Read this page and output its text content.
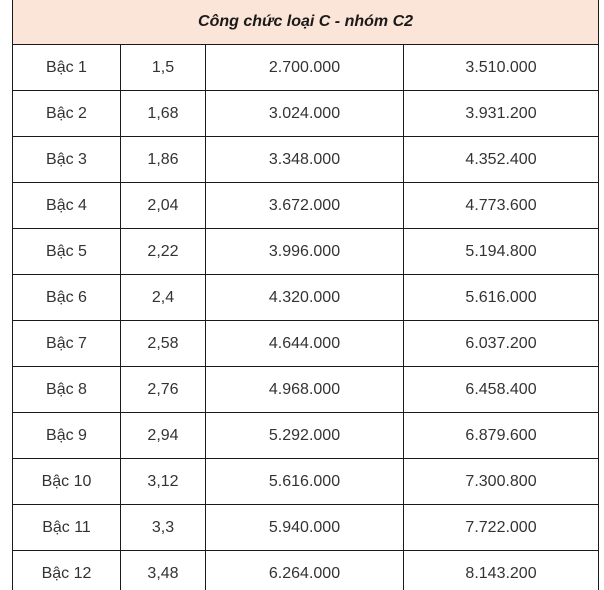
Công chức loại C - nhóm C2			
Bậc 1	1,5	2.700.000	3.510.000
Bậc 2	1,68	3.024.000	3.931.200
Bậc 3	1,86	3.348.000	4.352.400
Bậc 4	2,04	3.672.000	4.773.600
Bậc 5	2,22	3.996.000	5.194.800
Bậc 6	2,4	4.320.000	5.616.000
Bậc 7	2,58	4.644.000	6.037.200
Bậc 8	2,76	4.968.000	6.458.400
Bậc 9	2,94	5.292.000	6.879.600
Bậc 10	3,12	5.616.000	7.300.800
Bậc 11	3,3	5.940.000	7.722.000
Bậc 12	3,48	6.264.000	8.143.200
